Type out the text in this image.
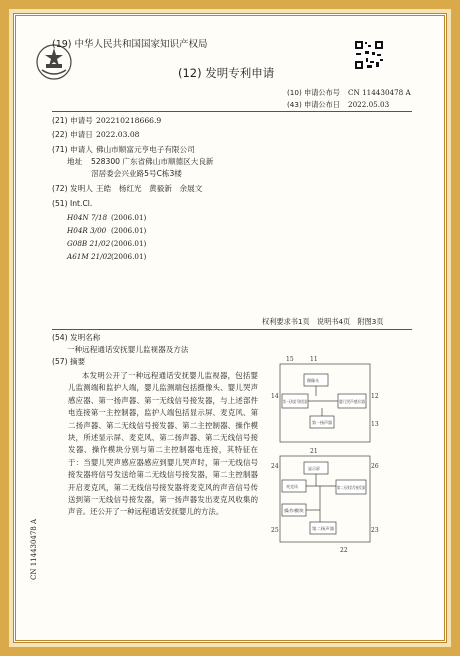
(19) 中华人民共和国国家知识产权局
(12) 发明专利申请
(10) 申请公布号 CN 114430478 A
(43) 申请公布日 2022.05.03
(21) 申请号 202210218666.9
(22) 申请日 2022.03.08
(71) 申请人 佛山市顺富元亨电子有限公司
地址 528300 广东省佛山市顺德区大良新
滘居委会兴业路5号C栋3楼
(72) 发明人 王皓　杨红光　黄毅新　余展文
(51) Int.Cl.
H04N 7/18 (2006.01)
H04R 3/00 (2006.01)
G08B 21/02 (2006.01)
A61M 21/02 (2006.01)
权利要求书1页　说明书4页　附图3页
(54) 发明名称
一种远程通话安抚婴儿监视器及方法
(57) 摘要
本发明公开了一种远程通话安抚婴儿监视器，包括婴儿监测端和监护人端，婴儿监测端包括摄像头、婴儿哭声感应器、第一扬声器、第一无线信号接发器，与上述部件电连接第一主控制器，监护人端包括显示屏、麦克风、第二扬声器、第二无线信号接发器、第二主控制器、操作模块，所述显示屏、麦克风、第二扬声器、第二无线信号接发器、操作模块分别与第二主控制器电连接，其特征在于：当婴儿哭声感应器感应到婴儿哭声时，第一无线信号接发器将信号发送给第二无线信号接发器，第二主控制器开启麦克风，第二无线信号接发器将麦克风的声音信号传送到第一无线信号接发器，第一扬声器发出麦克风收集的声音。还公开了一种远程通话安抚婴儿的方法。
摄像头
第一无线信号接发器	婴儿哭声感应器
第一扬声器
显示屏
麦克风	第二无线信号接发器
操作模块
第二扬声器
15	11
14	12
13
24
21
26
25	23
22
CN 114430478 A
